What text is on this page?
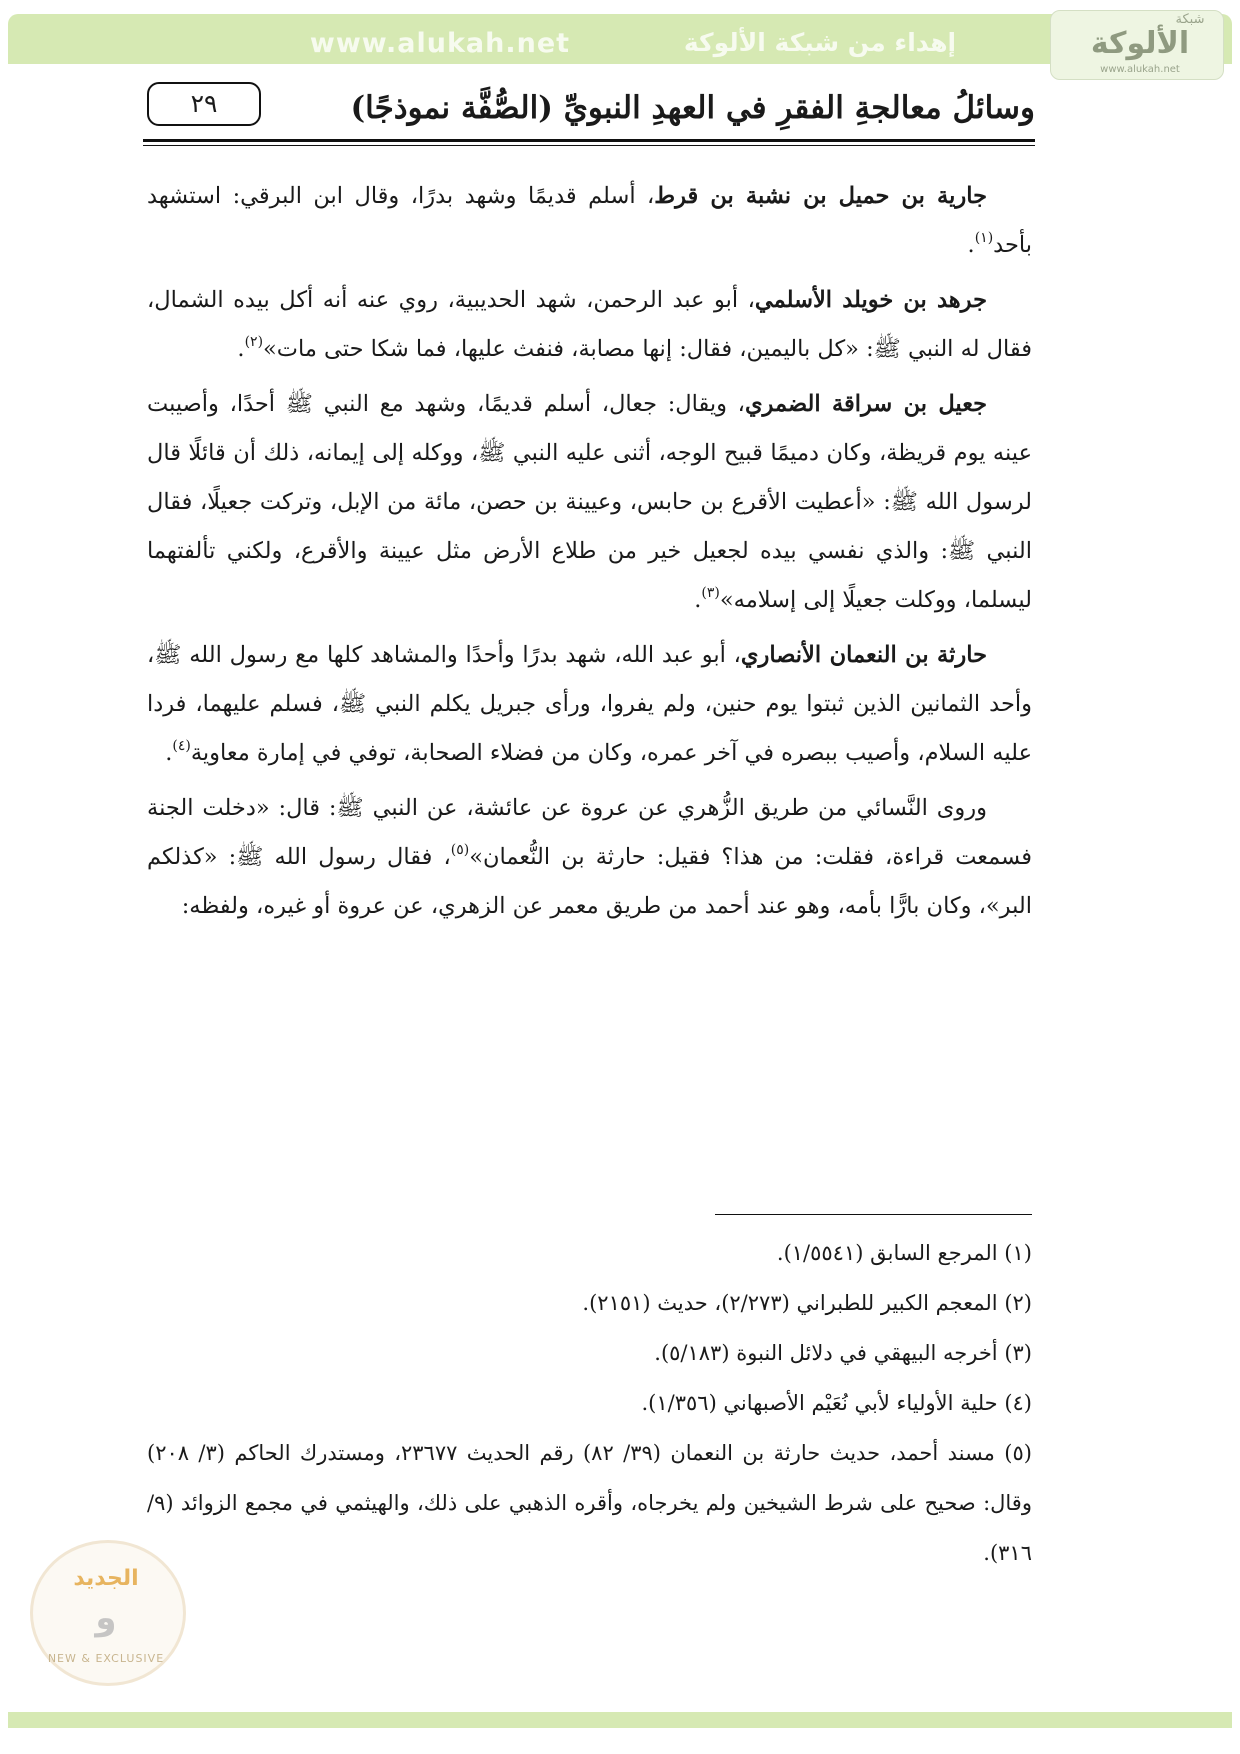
www.alukah.net	إهداء من شبكة الألوكة
شبكة
الألوكة
www.alukah.net
٢٩	وسائلُ معالجةِ الفقرِ في العهدِ النبويِّ (الصُّفَّة نموذجًا)

جارية بن حميل بن نشبة بن قرط، أسلم قديمًا وشهد بدرًا، وقال ابن البرقي: استشهد بأحد$^{(١)}$.

جرهد بن خويلد الأسلمي، أبو عبد الرحمن، شهد الحديبية، روي عنه أنه أكل بيده الشمال، فقال له النبي ﷺ: «كل باليمين، فقال: إنها مصابة، فنفث عليها، فما شكا حتى مات»$^{(٢)}$.

جعيل بن سراقة الضمري، ويقال: جعال، أسلم قديمًا، وشهد مع النبي ﷺ أحدًا، وأصيبت عينه يوم قريظة، وكان دميمًا قبيح الوجه، أثنى عليه النبي ﷺ، ووكله إلى إيمانه، ذلك أن قائلًا قال لرسول الله ﷺ: «أعطيت الأقرع بن حابس، وعيينة بن حصن، مائة من الإبل، وتركت جعيلًا، فقال النبي ﷺ: والذي نفسي بيده لجعيل خير من طلاع الأرض مثل عيينة والأقرع، ولكني تألفتهما ليسلما، ووكلت جعيلًا إلى إسلامه»$^{(٣)}$.

حارثة بن النعمان الأنصاري، أبو عبد الله، شهد بدرًا وأحدًا والمشاهد كلها مع رسول الله ﷺ، وأحد الثمانين الذين ثبتوا يوم حنين، ولم يفروا، ورأى جبريل يكلم النبي ﷺ، فسلم عليهما، فردا عليه السلام، وأصيب ببصره في آخر عمره، وكان من فضلاء الصحابة، توفي في إمارة معاوية$^{(٤)}$.

وروى النَّسائي من طريق الزُّهري عن عروة عن عائشة، عن النبي ﷺ: قال: «دخلت الجنة فسمعت قراءة، فقلت: من هذا؟ فقيل: حارثة بن النُّعمان»$^{(٥)}$، فقال رسول الله ﷺ: «كذلكم البر»، وكان بارًّا بأمه، وهو عند أحمد من طريق معمر عن الزهري، عن عروة أو غيره، ولفظه:

(١) المرجع السابق (١/٥٥٤١).

(٢) المعجم الكبير للطبراني (٢/٢٧٣)، حديث (٢١٥١).

(٣) أخرجه البيهقي في دلائل النبوة (٥/١٨٣).

(٤) حلية الأولياء لأبي نُعَيْم الأصبهاني (١/٣٥٦).

(٥) مسند أحمد، حديث حارثة بن النعمان (٣٩/ ٨٢) رقم الحديث ٢٣٦٧٧، ومستدرك الحاكم (٣/ ٢٠٨) وقال: صحيح على شرط الشيخين ولم يخرجاه، وأقره الذهبي على ذلك، والهيثمي في مجمع الزوائد (٩/ ٣١٦).

الجديد
و
NEW & EXCLUSIVE
